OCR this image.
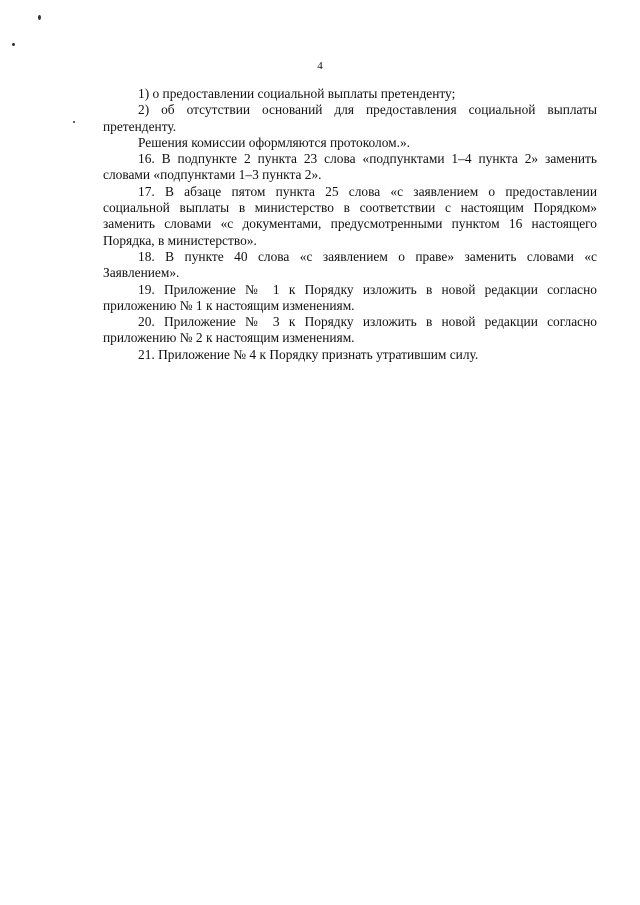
4

1) о предоставлении социальной выплаты претенденту;

2) об отсутствии оснований для предоставления социальной выплаты претенденту.

Решения комиссии оформляются протоколом.».

16. В подпункте 2 пункта 23 слова «подпунктами 1–4 пункта 2» заменить словами «подпунктами 1–3 пункта 2».

17. В абзаце пятом пункта 25 слова «с заявлением о предоставлении социальной выплаты в министерство в соответствии с настоящим Порядком» заменить словами «с документами, предусмотренными пунктом 16 настоящего Порядка, в министерство».

18. В пункте 40 слова «с заявлением о праве» заменить словами «с Заявлением».

19. Приложение № 1 к Порядку изложить в новой редакции согласно приложению № 1 к настоящим изменениям.

20. Приложение № 3 к Порядку изложить в новой редакции согласно приложению № 2 к настоящим изменениям.

21. Приложение № 4 к Порядку признать утратившим силу.
